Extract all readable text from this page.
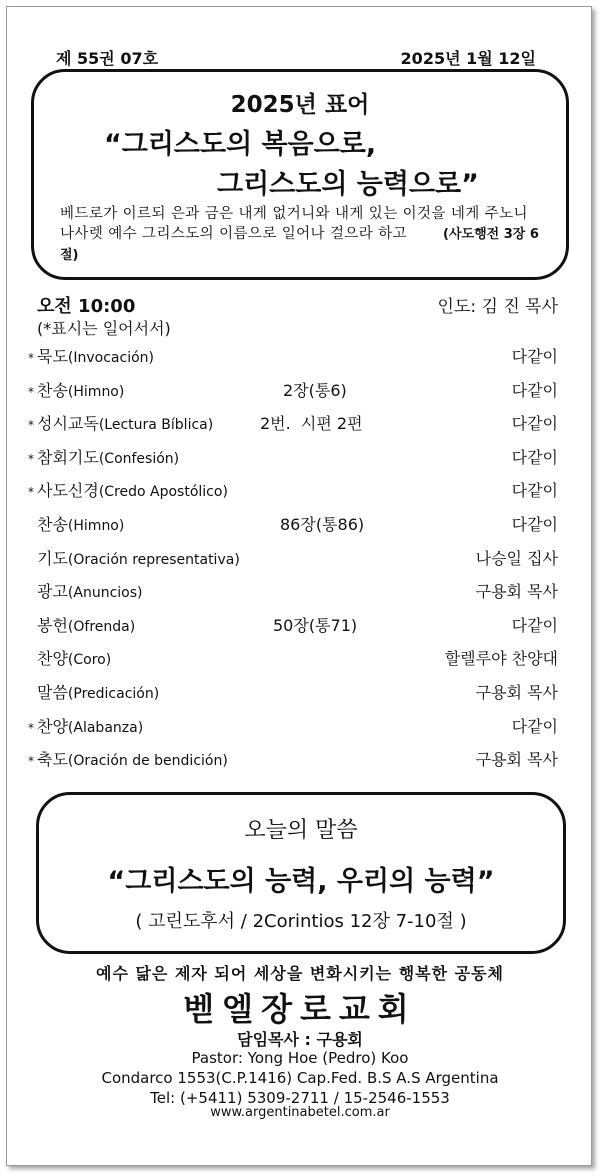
제 55권 07호	2025년 1월 12일
2025년 표어
“그리스도의 복음으로,
그리스도의 능력으로”
베드로가 이르되 은과 금은 내게 없거니와 내게 있는 이것을 네게 주노니 나사렛 예수 그리스도의 이름으로 일어나 걸으라 하고	(사도행전 3장 6절)
오전 10:00	인도: 김 진 목사
(*표시는 일어서서)
* 묵도(Invocación)	다같이
* 찬송(Himno)	2장(통6)	다같이
* 성시교독(Lectura Bíblica)	2번.  시편 2편	다같이
* 참회기도(Confesión)	다같이
* 사도신경(Credo Apostólico)	다같이
찬송(Himno)	86장(통86)	다같이
기도(Oración representativa)	나승일 집사
광고(Anuncios)	구용회 목사
봉헌(Ofrenda)	50장(통71)	다같이
찬양(Coro)	할렐루야 찬양대
말씀(Predicación)	구용회 목사
* 찬양(Alabanza)	다같이
* 축도(Oración de bendición)	구용회 목사
오늘의 말씀
“그리스도의 능력, 우리의 능력”
( 고린도후서 / 2Corintios 12장 7-10절 )
예수 닮은 제자 되어 세상을 변화시키는 행복한 공동체
벧엘장로교회
담임목사 : 구용회
Pastor: Yong Hoe (Pedro) Koo
Condarco 1553(C.P.1416) Cap.Fed. B.S A.S Argentina
Tel: (+5411) 5309-2711 / 15-2546-1553
www.argentinabetel.com.ar
